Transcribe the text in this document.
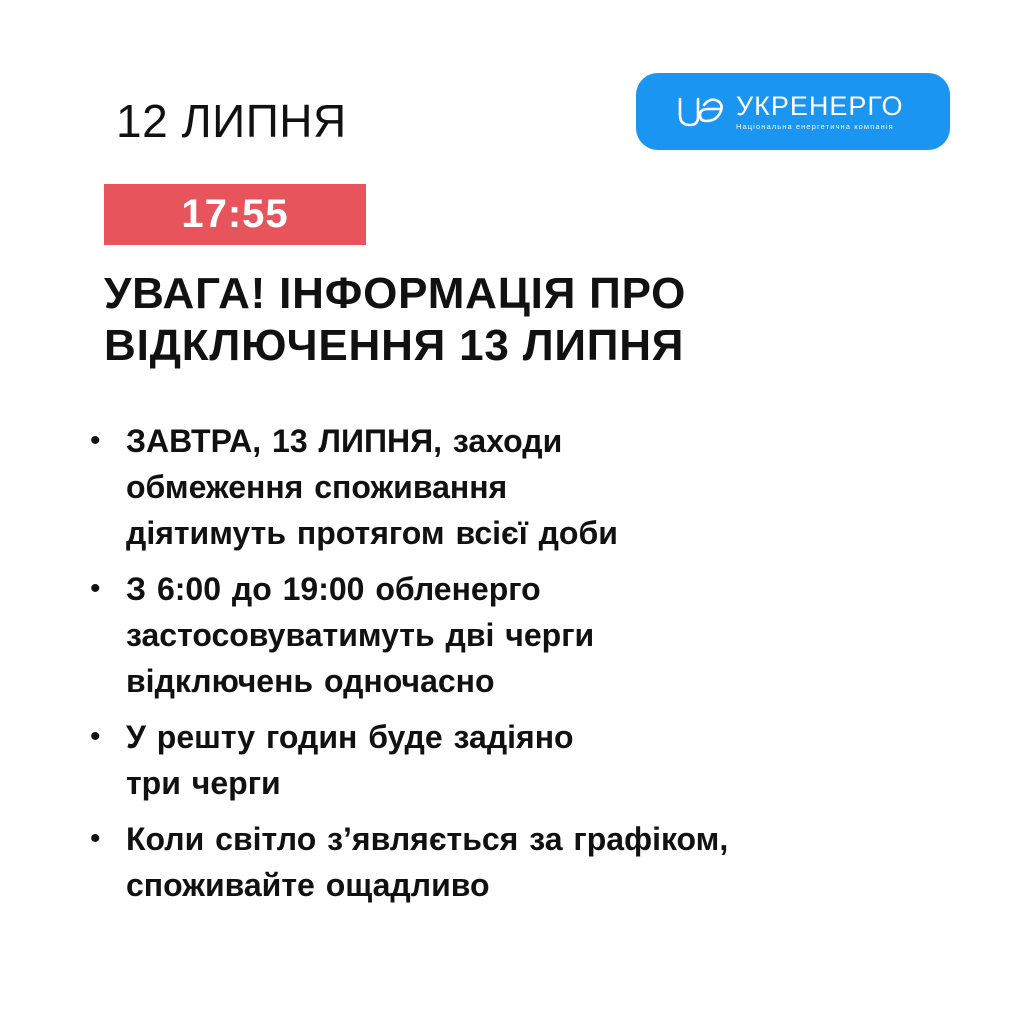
12 ЛИПНЯ	УКРЕНЕРГО
Національна енергетична компанія
17:55
УВАГА! ІНФОРМАЦІЯ ПРО
ВІДКЛЮЧЕННЯ 13 ЛИПНЯ
• ЗАВТРА, 13 ЛИПНЯ, заходи
обмеження споживання
діятимуть протягом всієї доби
• З 6:00 до 19:00 обленерго
застосовуватимуть дві черги
відключень одночасно
• У решту годин буде задіяно
три черги
• Коли світло з’являється за графіком,
споживайте ощадливо
